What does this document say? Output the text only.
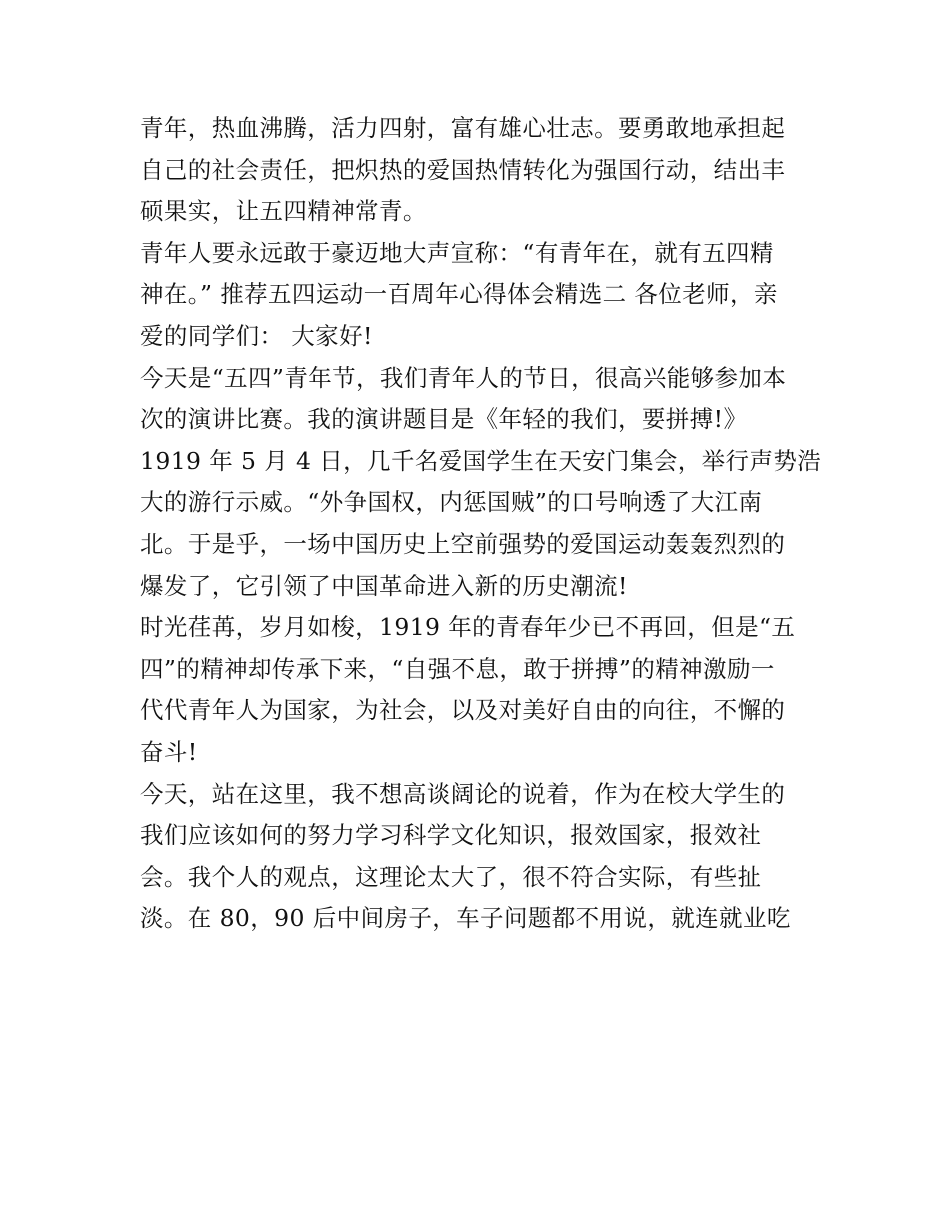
青年，热血沸腾，活力四射，富有雄心壮志。要勇敢地承担起
自己的社会责任，把炽热的爱国热情转化为强国行动，结出丰
硕果实，让五四精神常青。
青年人要永远敢于豪迈地大声宣称：“有青年在，就有五四精
神在。” 推荐五四运动一百周年心得体会精选二 各位老师，亲
爱的同学们： 大家好!
今天是“五四”青年节，我们青年人的节日，很高兴能够参加本
次的演讲比赛。我的演讲题目是《年轻的我们，要拼搏!》
1919 年 5 月 4 日，几千名爱国学生在天安门集会，举行声势浩
大的游行示威。“外争国权，内惩国贼”的口号响透了大江南
北。于是乎，一场中国历史上空前强势的爱国运动轰轰烈烈的
爆发了，它引领了中国革命进入新的历史潮流!
时光荏苒，岁月如梭，1919 年的青春年少已不再回，但是“五
四”的精神却传承下来，“自强不息，敢于拼搏”的精神激励一
代代青年人为国家，为社会，以及对美好自由的向往，不懈的
奋斗!
今天，站在这里，我不想高谈阔论的说着，作为在校大学生的
我们应该如何的努力学习科学文化知识，报效国家，报效社
会。我个人的观点，这理论太大了，很不符合实际，有些扯
淡。在 80，90 后中间房子，车子问题都不用说，就连就业吃
